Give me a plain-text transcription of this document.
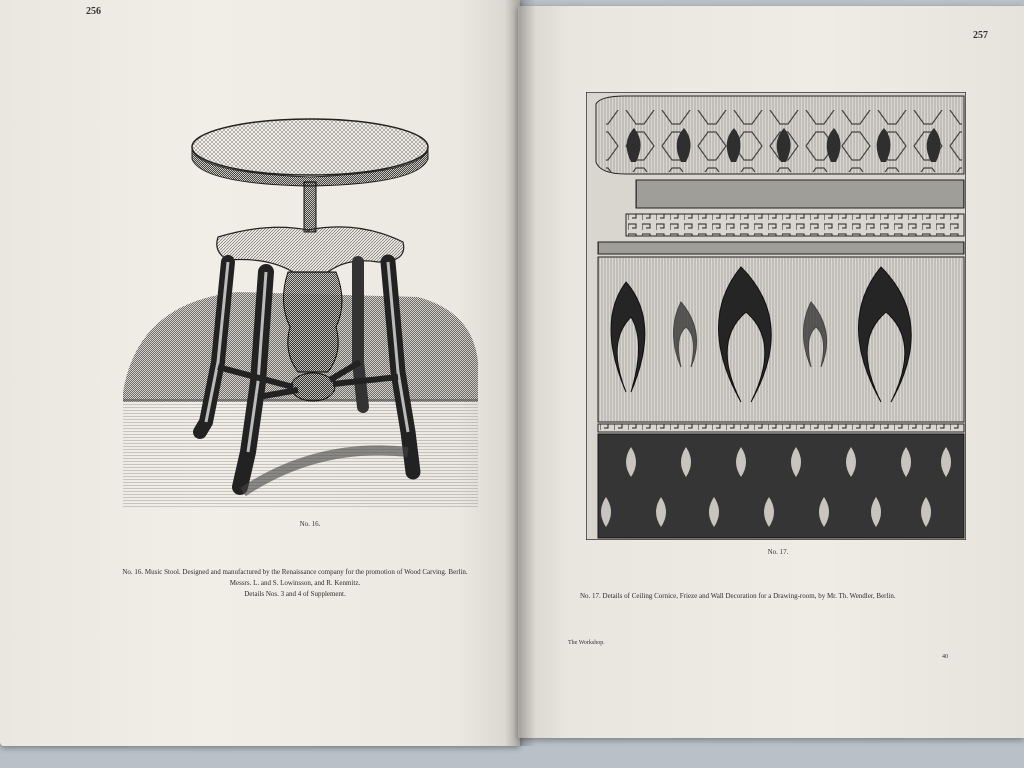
256
No. 16.
No. 16. Music Stool. Designed and manufactured by the Renaissance company for the promotion of Wood Carving. Berlin.
Messrs. L. and S. Lowinsson, and R. Kenmitz.
Details Nos. 3 and 4 of Supplement.
257
No. 17.
No. 17. Details of Ceiling Cornice, Frieze and Wall Decoration for a Drawing-room, by Mr. Th. Wendler, Berlin.
The Workshop.
40
